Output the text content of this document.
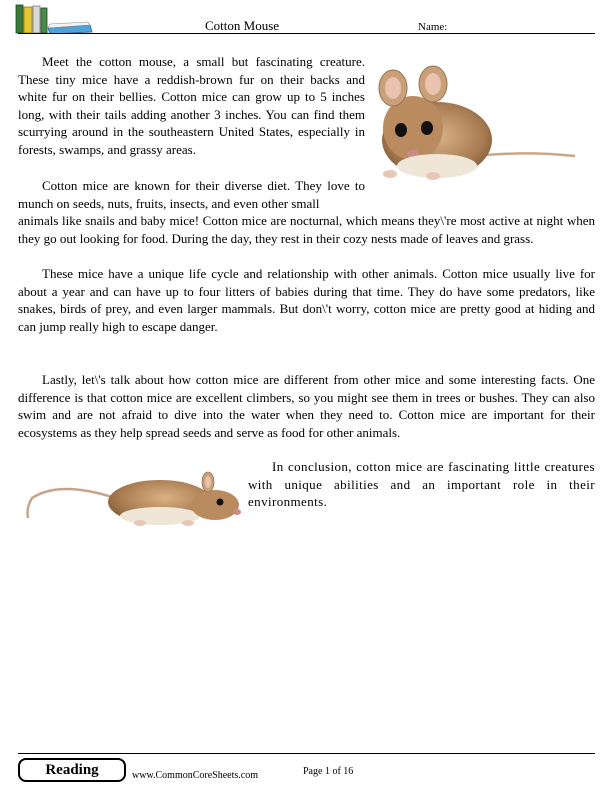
Cotton Mouse	Name:

Meet the cotton mouse, a small but fascinating creature. These tiny mice have a reddish-brown fur on their backs and white fur on their bellies. Cotton mice can grow up to 5 inches long, with their tails adding another 3 inches. You can find them scurrying around in the southeastern United States, especially in forests, swamps, and grassy areas.

Cotton mice are known for their diverse diet. They love to munch on seeds, nuts, fruits, insects, and even other small
animals like snails and baby mice! Cotton mice are nocturnal, which means they\'re most active at night when they go out looking for food. During the day, they rest in their cozy nests made of leaves and grass.

These mice have a unique life cycle and relationship with other animals. Cotton mice usually live for about a year and can have up to four litters of babies during that time. They do have some predators, like snakes, birds of prey, and even larger mammals. But don\'t worry, cotton mice are pretty good at hiding and can jump really high to escape danger.

Lastly, let\'s talk about how cotton mice are different from other mice and some interesting facts. One difference is that cotton mice are excellent climbers, so you might see them in trees or bushes. They can also swim and are not afraid to dive into the water when they need to. Cotton mice are important for their ecosystems as they help spread seeds and serve as food for other animals.

In conclusion, cotton mice are fascinating little creatures with unique abilities and an important role in their environments.

Reading	www.CommonCoreSheets.com	Page 1 of 16
